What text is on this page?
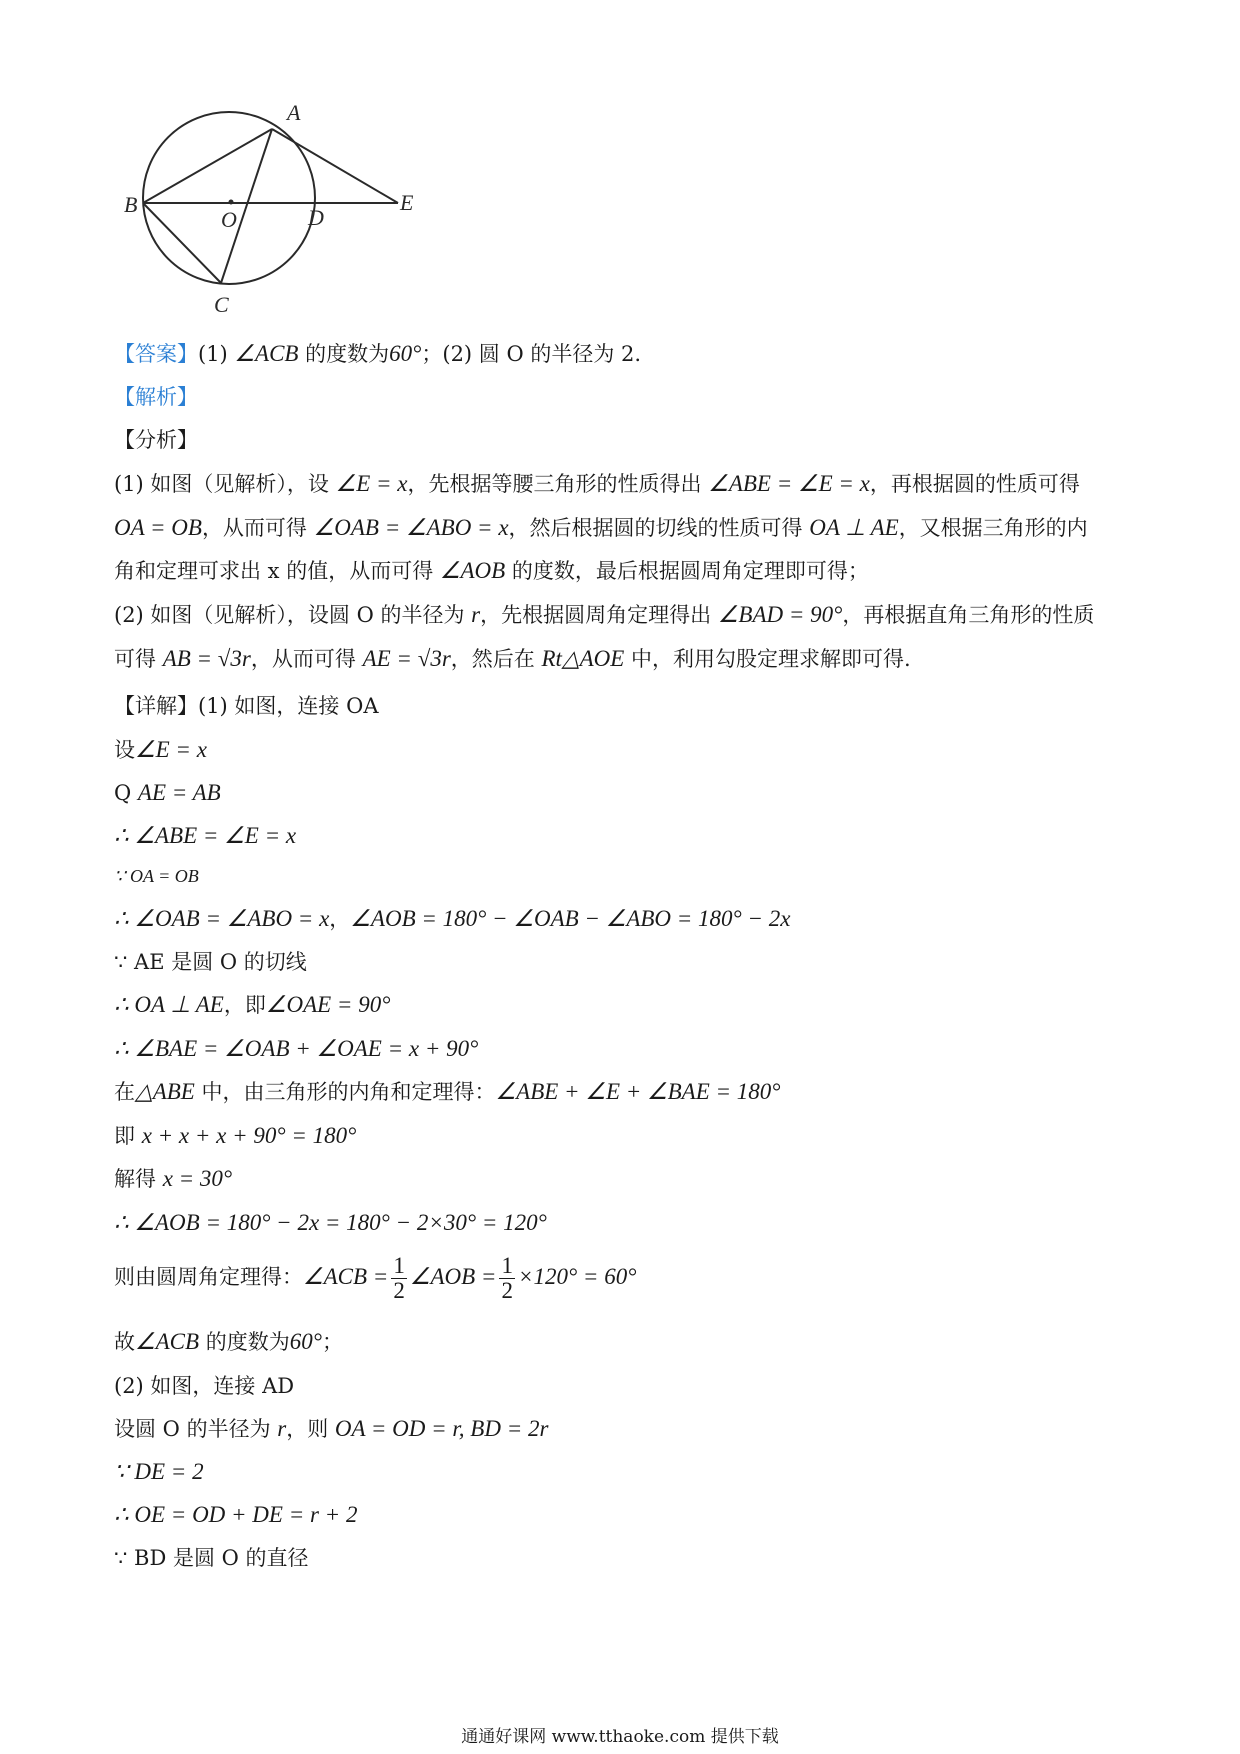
A
B
C
D
E
O

【答案】(1) ∠ACB 的度数为60°；(2) 圆 O 的半径为 2.

【解析】

【分析】

(1) 如图（见解析），设 ∠E = x，先根据等腰三角形的性质得出 ∠ABE = ∠E = x，再根据圆的性质可得

OA = OB，从而可得 ∠OAB = ∠ABO = x，然后根据圆的切线的性质可得 OA ⊥ AE，又根据三角形的内

角和定理可求出 x 的值，从而可得 ∠AOB 的度数，最后根据圆周角定理即可得；

(2) 如图（见解析），设圆 O 的半径为 r，先根据圆周角定理得出 ∠BAD = 90°，再根据直角三角形的性质

可得 AB = √3r，从而可得 AE = √3r，然后在 Rt△AOE 中，利用勾股定理求解即可得.

【详解】(1) 如图，连接 OA

设∠E = x

Q AE = AB

∴ ∠ABE = ∠E = x

∵ OA = OB

∴ ∠OAB = ∠ABO = x，∠AOB = 180° − ∠OAB − ∠ABO = 180° − 2x

∵ AE 是圆 O 的切线

∴ OA ⊥ AE，即∠OAE = 90°

∴ ∠BAE = ∠OAB + ∠OAE = x + 90°

在△ABE 中，由三角形的内角和定理得：∠ABE + ∠E + ∠BAE = 180°

即 x + x + x + 90° = 180°

解得 x = 30°

∴ ∠AOB = 180° − 2x = 180° − 2×30° = 120°

则由圆周角定理得：∠ACB = $\frac{1}{2}$ ∠AOB = $\frac{1}{2} \times 120^\circ = 60^\circ$

故∠ACB 的度数为60°；

(2) 如图，连接 AD

设圆 O 的半径为 r，则 OA = OD = r, BD = 2r

∵ DE = 2

∴ OE = OD + DE = r + 2

∵ BD 是圆 O 的直径

通通好课网 www.tthaoke.com 提供下载
